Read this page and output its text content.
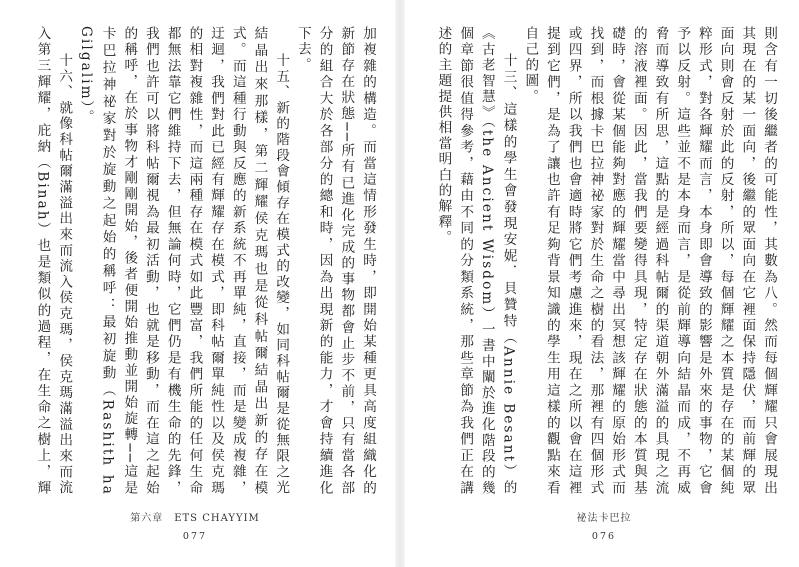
則含有一切後繼者的可能性，其數為八。然而每個輝耀只會展現出其現在的某一面向，後繼的眾面向在它裡面保持隱伏，而前輝的眾面向則會反射於此的反射，所以，每個輝耀之本質是存在的某個純粹形式，對各輝耀而言，本身即會導致的影響是外來的事物，它會予以反射。這些並不是本身而言，是從前輝導向結晶而成，不再威脅而導致有所思，這點的是經過科帖爾的渠道朝外滿溢的具現之流的溶液裡面。因此，當我們要變得具現，特定存在狀態的本質與基礎時，會從某個能夠對應的輝耀當中尋出冥想該輝耀的原始形式而找到，而根據卡巴拉神祕家對於生命之樹的看法，那裡有四個形式或四界，所以我們也會適時將它們考慮進來，現在之所以會在這裡提到它們，是為了讓也許有足夠背景知識的學生用這樣的觀點來看自己的圖。

十三、這樣的學生會發現安妮．貝贊特（Annie Besant）的《古老智慧》（the Ancient Wisdom）一書中闡於進化階段的幾個章節很值得參考，藉由不同的分類系統，那些章節為我們正在講述的主題提供相當明白的解釋。

祕法卡巴拉
076

加複雜的構造。而當這情形發生時，即開始某種更具高度組織化的新節存在狀態──所有已進化完成的事物都會止步不前，只有當各部分的組合大於各部分的總和時，因為出現新的能力，才會持續進化下去。

十五、新的階段會傾存在模式的改變，如同科帖爾是從無限之光結晶出來那樣，第二輝耀侯克瑪也是從科帖爾結晶出新的存在模式。而這種行動與反應的新系統不再單純，直接，而是變成複雜，迂迴，我們對此已經有輝耀存在模式，即科帖爾單純性以及侯克瑪的相對複雜性，而這兩種存在模式如此豐富，我們所能的任何生命都無法靠它們維持下去，但無論何時，它們仍是有機生命的先鋒，我們也許可以將科帖爾視為最初活動，也就是移動，而在這之起始的稱呼，在於事物才剛剛開始，後者便開始推動並開始旋轉──這是卡巴拉神祕家對於旋動之起始的稱呼：最初旋動（Rashith ha Gilgalim）。

十六、就像科帖爾滿溢出來而流入侯克瑪，侯克瑪滿溢出來而流入第三輝耀，庇納（Binah）也是類似的過程，在生命之樹上，輝

第六章　ETS CHAYYIM
077
